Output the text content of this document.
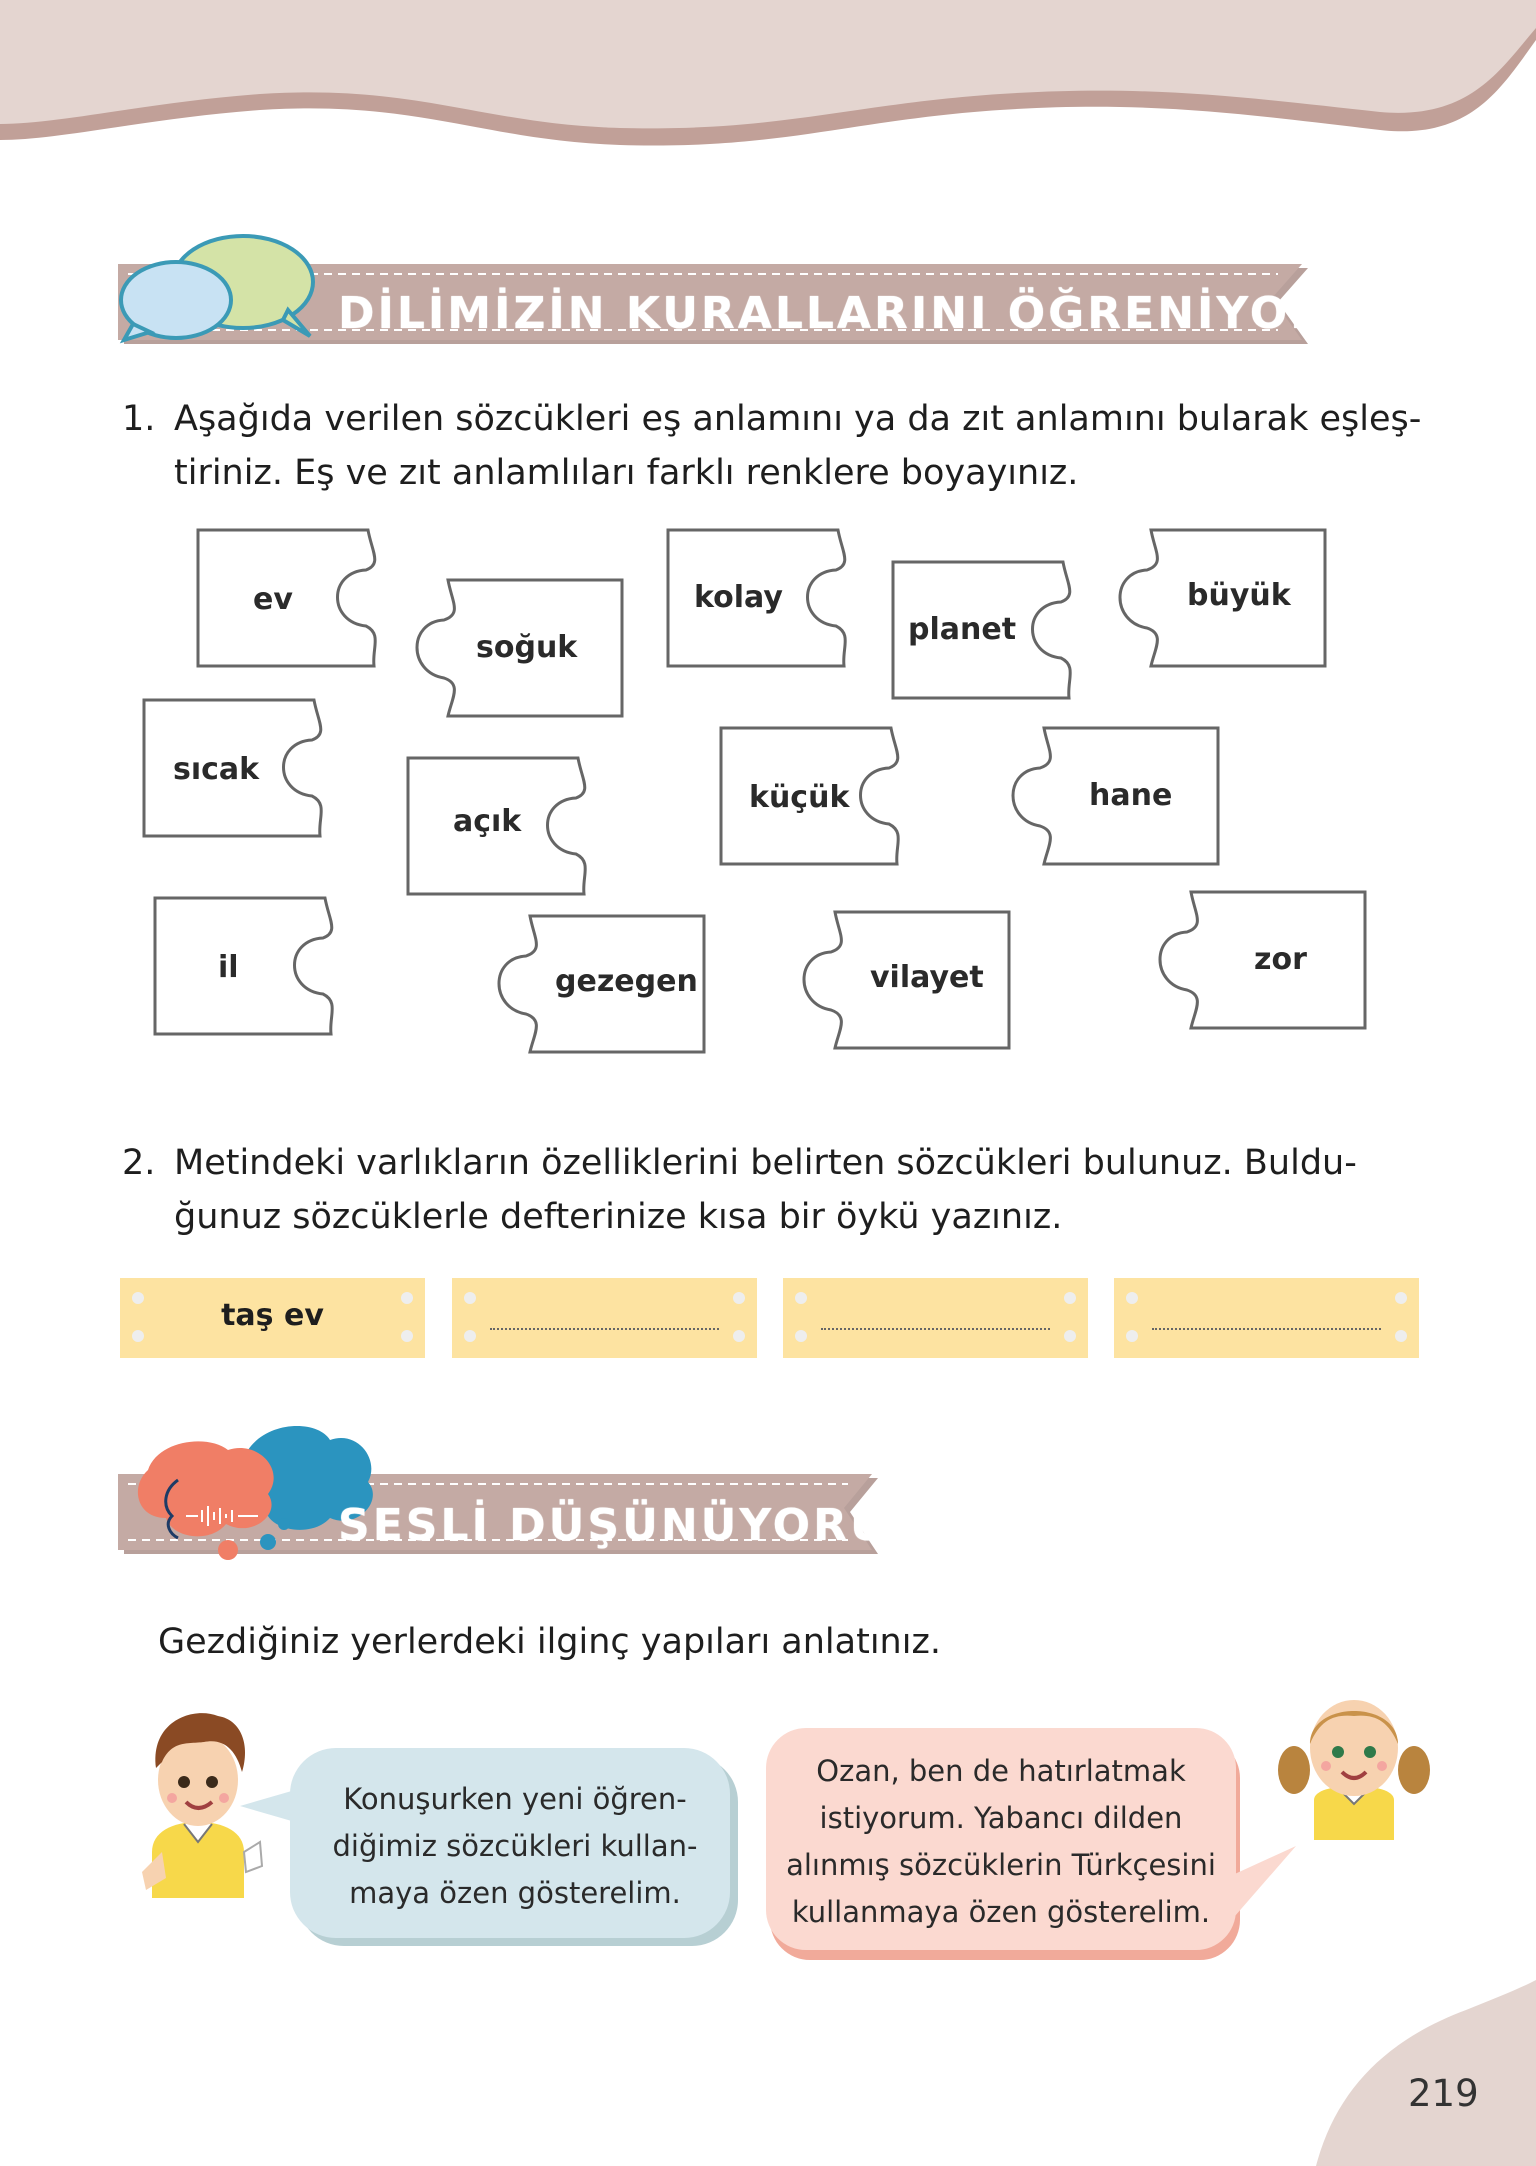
DİLİMİZİN KURALLARINI ÖĞRENİYORUZ
1. Aşağıda verilen sözcükleri eş anlamını ya da zıt anlamını bularak eşleş-
tiriniz. Eş ve zıt anlamlıları farklı renklere boyayınız.
ev
soğuk
kolay
planet
büyük
sıcak
açık
küçük	hane
il	gezegen	vilayet
zor
2. Metindeki varlıkların özelliklerini belirten sözcükleri bulunuz. Buldu-
ğunuz sözcüklerle defterinize kısa bir öykü yazınız.
taş ev
SESLİ DÜŞÜNÜYORUZ
Gezdiğiniz yerlerdeki ilginç yapıları anlatınız.
Konuşurken yeni öğren-
diğimiz sözcükleri kullan-
maya özen gösterelim.
Ozan, ben de hatırlatmak
istiyorum. Yabancı dilden
alınmış sözcüklerin Türkçesini
kullanmaya özen gösterelim.
219
